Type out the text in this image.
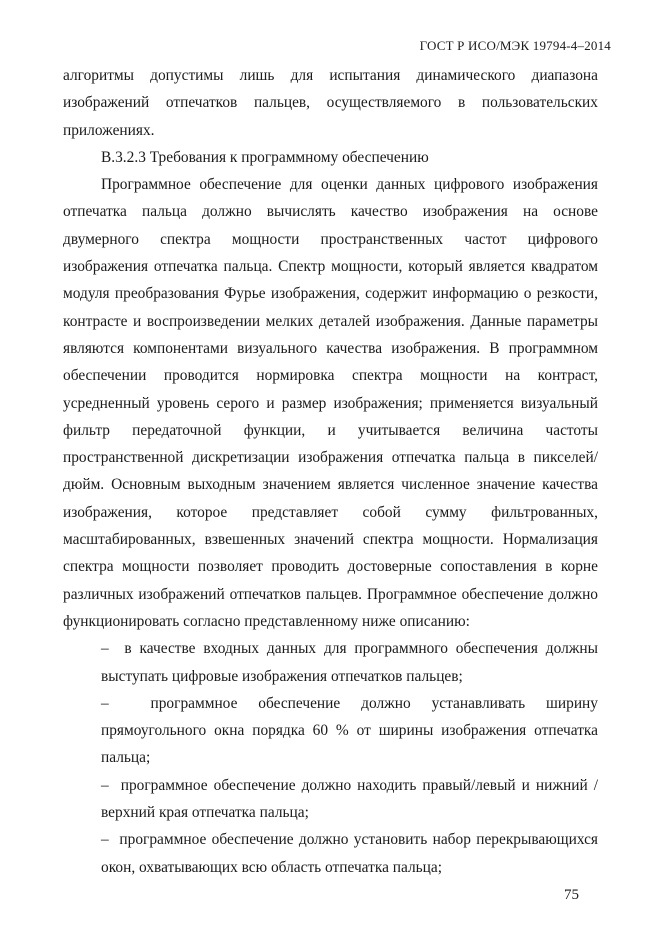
ГОСТ Р ИСО/МЭК 19794-4–2014

алгоритмы допустимы лишь для испытания динамического диапазона изображений отпечатков пальцев, осуществляемого в пользовательских приложениях.

В.3.2.3 Требования к программному обеспечению

Программное обеспечение для оценки данных цифрового изображения отпечатка пальца должно вычислять качество изображения на основе двумерного спектра мощности пространственных частот цифрового изображения отпечатка пальца. Спектр мощности, который является квадратом модуля преобразования Фурье изображения, содержит информацию о резкости, контрасте и воспроизведении мелких деталей изображения. Данные параметры являются компонентами визуального качества изображения. В программном обеспечении проводится нормировка спектра мощности на контраст, усредненный уровень серого и размер изображения; применяется визуальный фильтр передаточной функции, и учитывается величина частоты пространственной дискретизации изображения отпечатка пальца в пикселей/дюйм. Основным выходным значением является численное значение качества изображения, которое представляет собой сумму фильтрованных, масштабированных, взвешенных значений спектра мощности. Нормализация спектра мощности позволяет проводить достоверные сопоставления в корне различных изображений отпечатков пальцев. Программное обеспечение должно функционировать согласно представленному ниже описанию:

– в качестве входных данных для программного обеспечения должны выступать цифровые изображения отпечатков пальцев;
–	программное обеспечение должно устанавливать ширину прямоугольного окна порядка 60 % от ширины изображения отпечатка пальца;
– программное обеспечение должно находить правый/левый и нижний / верхний края отпечатка пальца;
– программное обеспечение должно установить набор перекрывающихся окон, охватывающих всю область отпечатка пальца;
75
